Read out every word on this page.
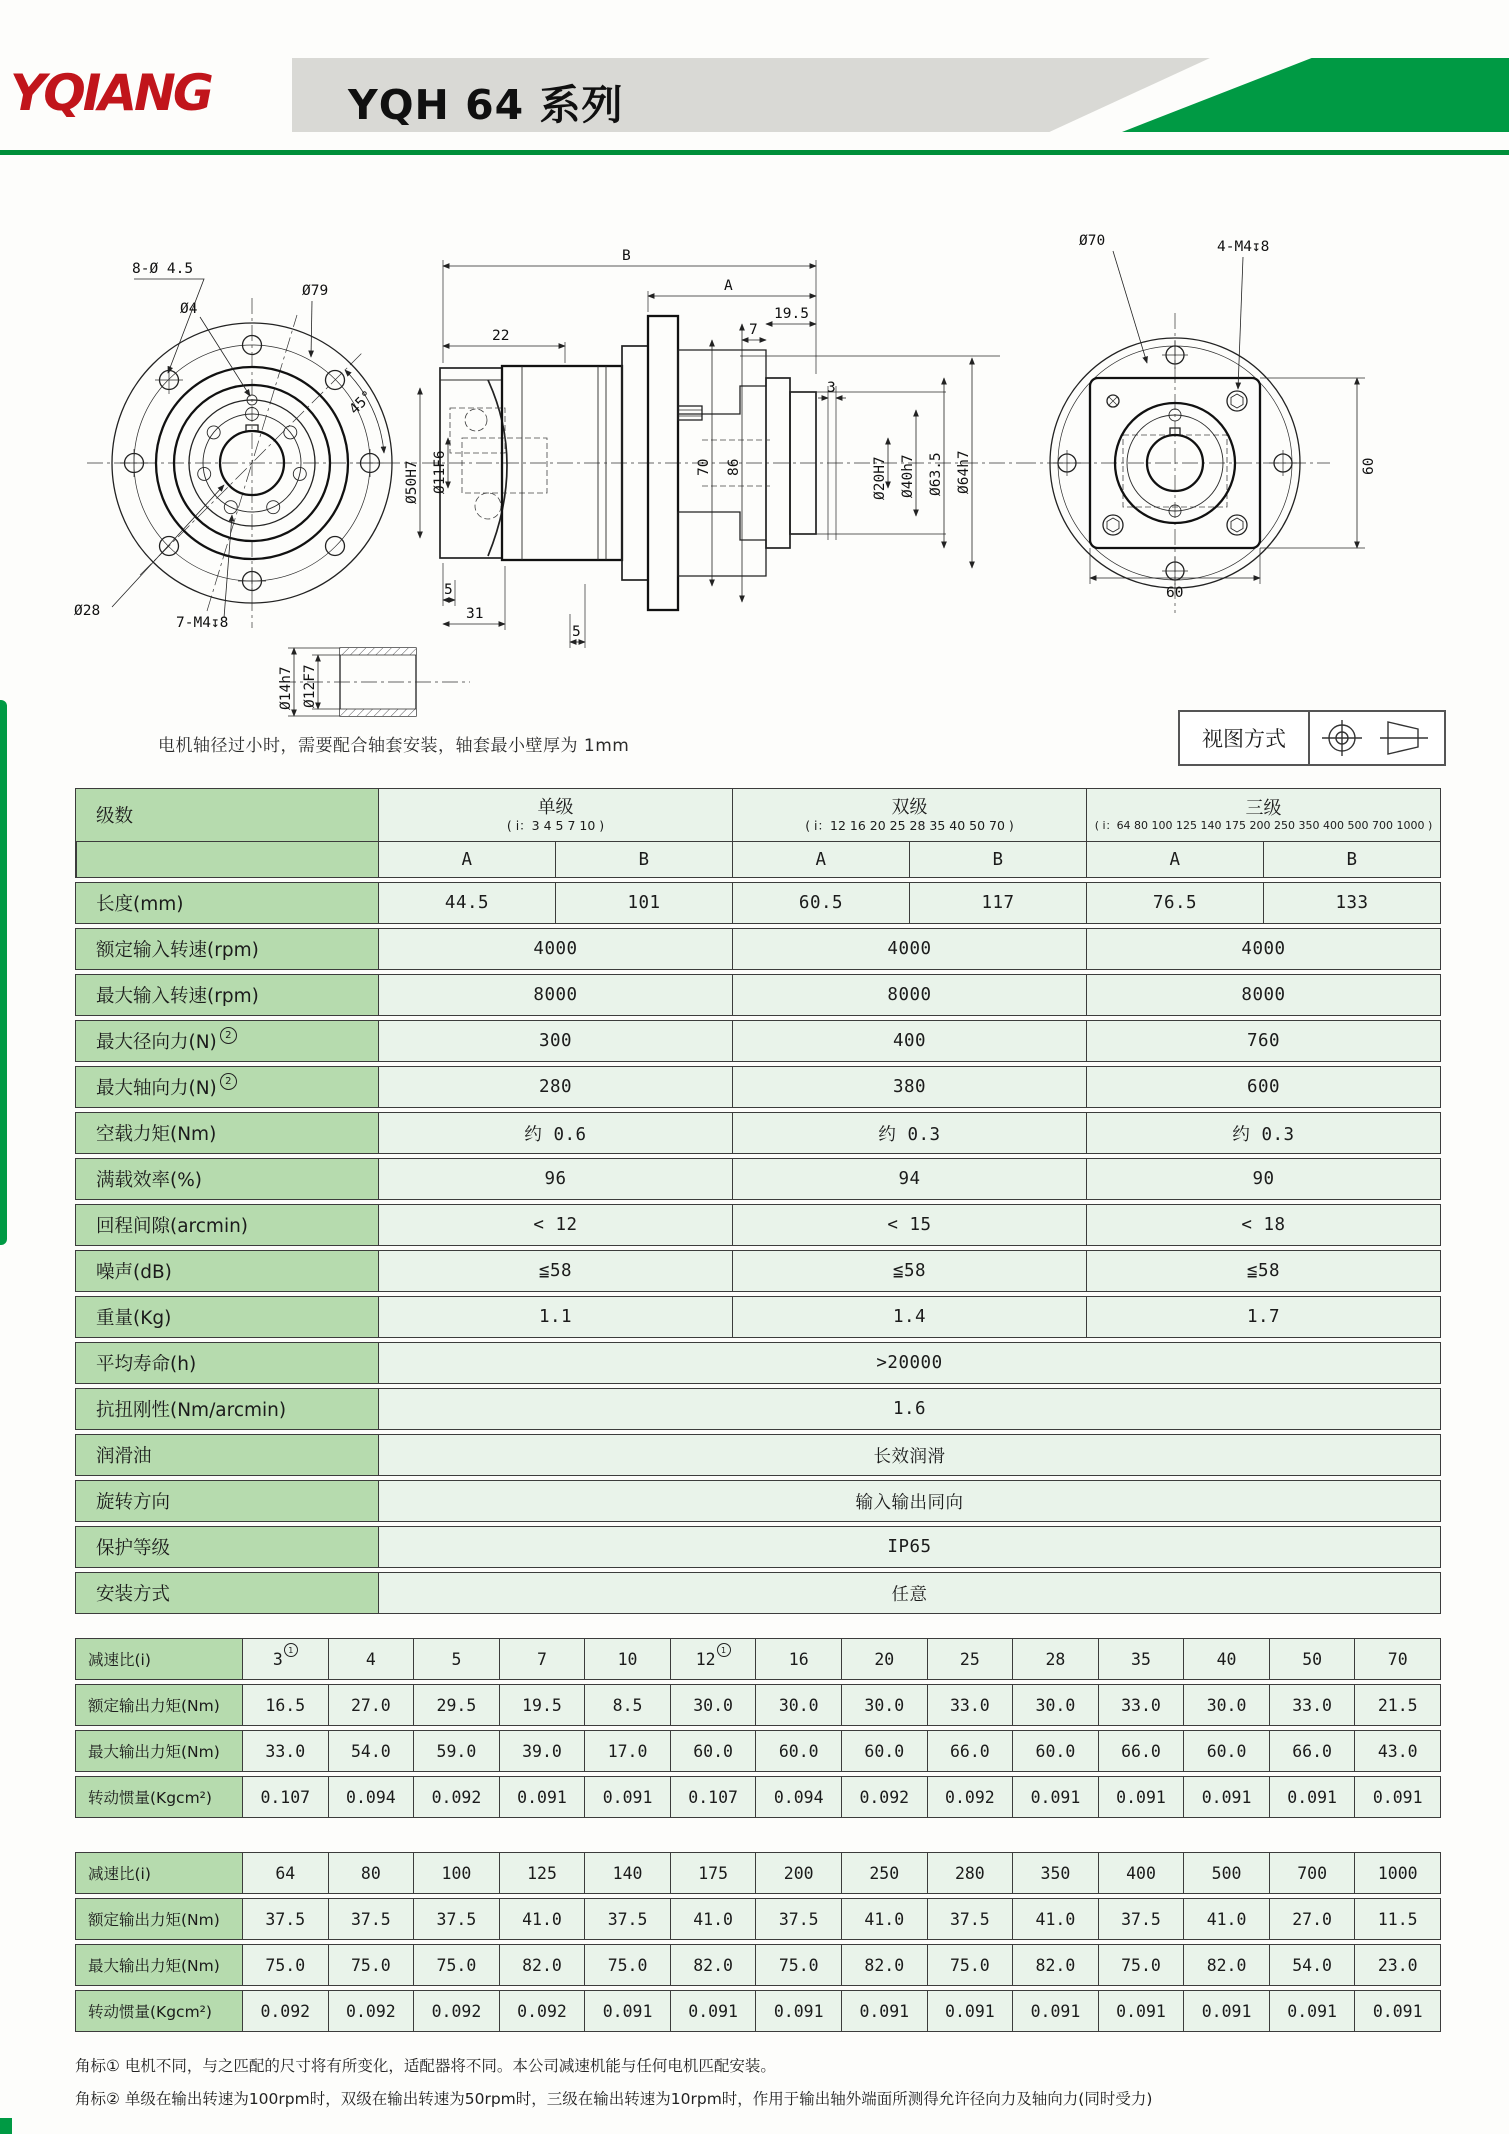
YQIANG	YQH 64 系列
8-Ø 4.5
Ø4
Ø79
45°
Ø28
7-M4↧8
B
A
19.5
7
3
22
Ø50H7 Ø11F6	70 86	Ø20H7 Ø40h7 Ø63.5 Ø64h7
5
31
5
Ø70	4-M4↧8
60
60
Ø14h7 Ø12F7
电机轴径过小时，需要配合轴套安装，轴套最小壁厚为 1mm	视图方式
级数	单级
( i：3 4 5 7 10 )
双级
( i：12 16 20 25 28 35 40 50 70 )
三级
( i：64 80 100 125 140 175 200 250 350 400 500 700 1000 )
A	B	A	B	A	B
长度(mm)	44.5	101	60.5	117	76.5	133
额定输入转速(rpm)	4000	4000	4000
最大输入转速(rpm)	8000	8000	8000
最大径向力(N) 2	300	400	760
最大轴向力(N) 2	280	380	600
空载力矩(Nm)	约 0.6	约 0.3	约 0.3
满载效率(%)	96	94	90
回程间隙(arcmin)	< 12	< 15	< 18
噪声(dB)	≦58	≦58	≦58
重量(Kg)	1.1	1.4	1.7
平均寿命(h)	>20000
抗扭刚性(Nm/arcmin)	1.6
润滑油	长效润滑
旋转方向	输入输出同向
保护等级	IP65
安装方式	任意
减速比(i)	3 1	4	5	7	10	12 1	16	20	25	28	35	40	50	70
额定输出力矩(Nm)	16.5	27.0	29.5	19.5	8.5	30.0	30.0	30.0	33.0	30.0	33.0	30.0	33.0	21.5
最大输出力矩(Nm)	33.0	54.0	59.0	39.0	17.0	60.0	60.0	60.0	66.0	60.0	66.0	60.0	66.0	43.0
转动惯量(Kgcm²)	0.107 0.094 0.092 0.091 0.091 0.107 0.094 0.092 0.092 0.091 0.091 0.091 0.091 0.091
减速比(i)	64	80	100	125	140	175	200	250	280	350	400	500	700	1000
额定输出力矩(Nm)	37.5	37.5	37.5	41.0	37.5	41.0	37.5	41.0	37.5	41.0	37.5	41.0	27.0	11.5
最大输出力矩(Nm)	75.0	75.0	75.0	82.0	75.0	82.0	75.0	82.0	75.0	82.0	75.0	82.0	54.0	23.0
转动惯量(Kgcm²)	0.092 0.092 0.092 0.092 0.091 0.091 0.091 0.091 0.091 0.091 0.091 0.091 0.091 0.091
角标① 电机不同，与之匹配的尺寸将有所变化，适配器将不同。本公司减速机能与任何电机匹配安装。
角标② 单级在输出转速为100rpm时，双级在输出转速为50rpm时，三级在输出转速为10rpm时，作用于输出轴外端面所测得允许径向力及轴向力(同时受力)
